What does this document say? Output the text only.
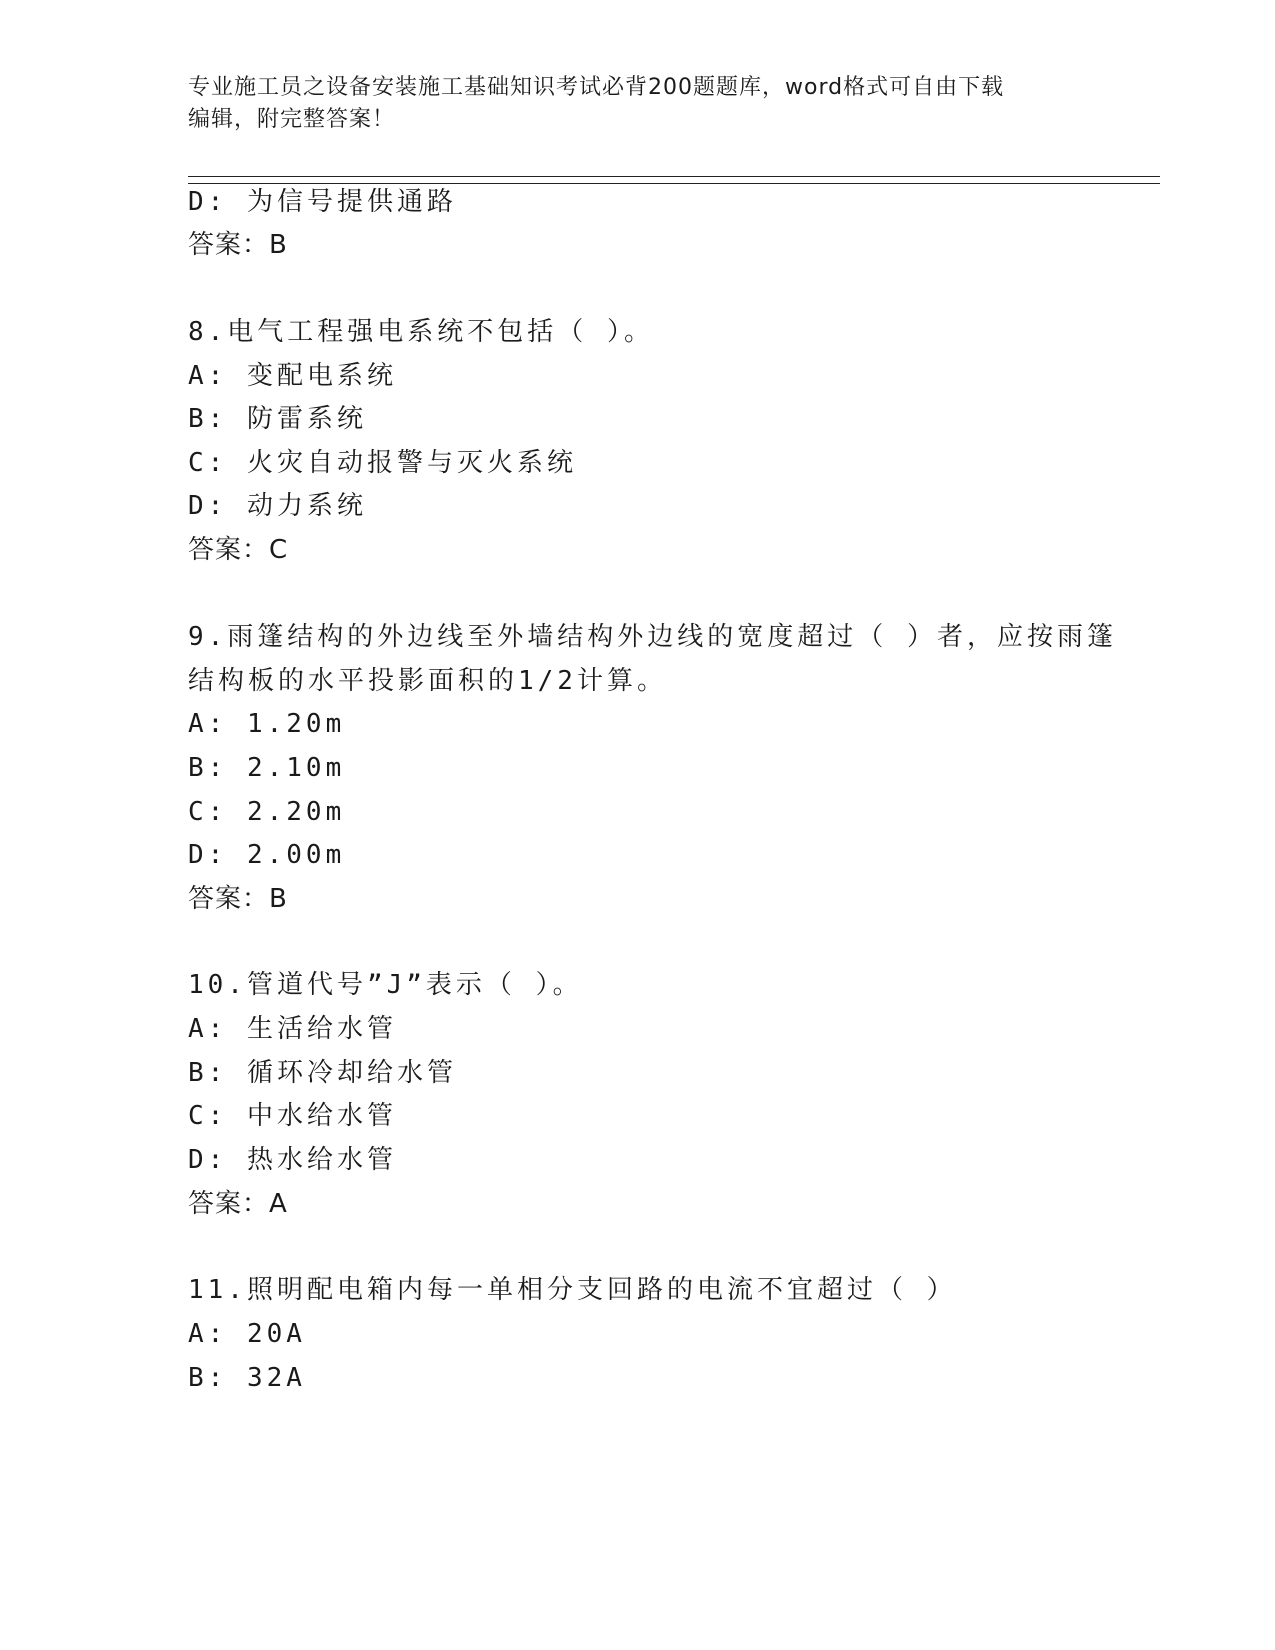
专业施工员之设备安装施工基础知识考试必背200题题库，word格式可自由下载
编辑，附完整答案！
D: 为信号提供通路
答案：B
8.电气工程强电系统不包括（ ）。
A: 变配电系统
B: 防雷系统
C: 火灾自动报警与灭火系统
D: 动力系统
答案：C
9.雨篷结构的外边线至外墙结构外边线的宽度超过（ ）者，应按雨篷
结构板的水平投影面积的1/2计算。
A: 1.20m
B: 2.10m
C: 2.20m
D: 2.00m
答案：B
10.管道代号”J”表示（ ）。
A: 生活给水管
B: 循环冷却给水管
C: 中水给水管
D: 热水给水管
答案：A
11.照明配电箱内每一单相分支回路的电流不宜超过（ ）
A: 20A
B: 32A
